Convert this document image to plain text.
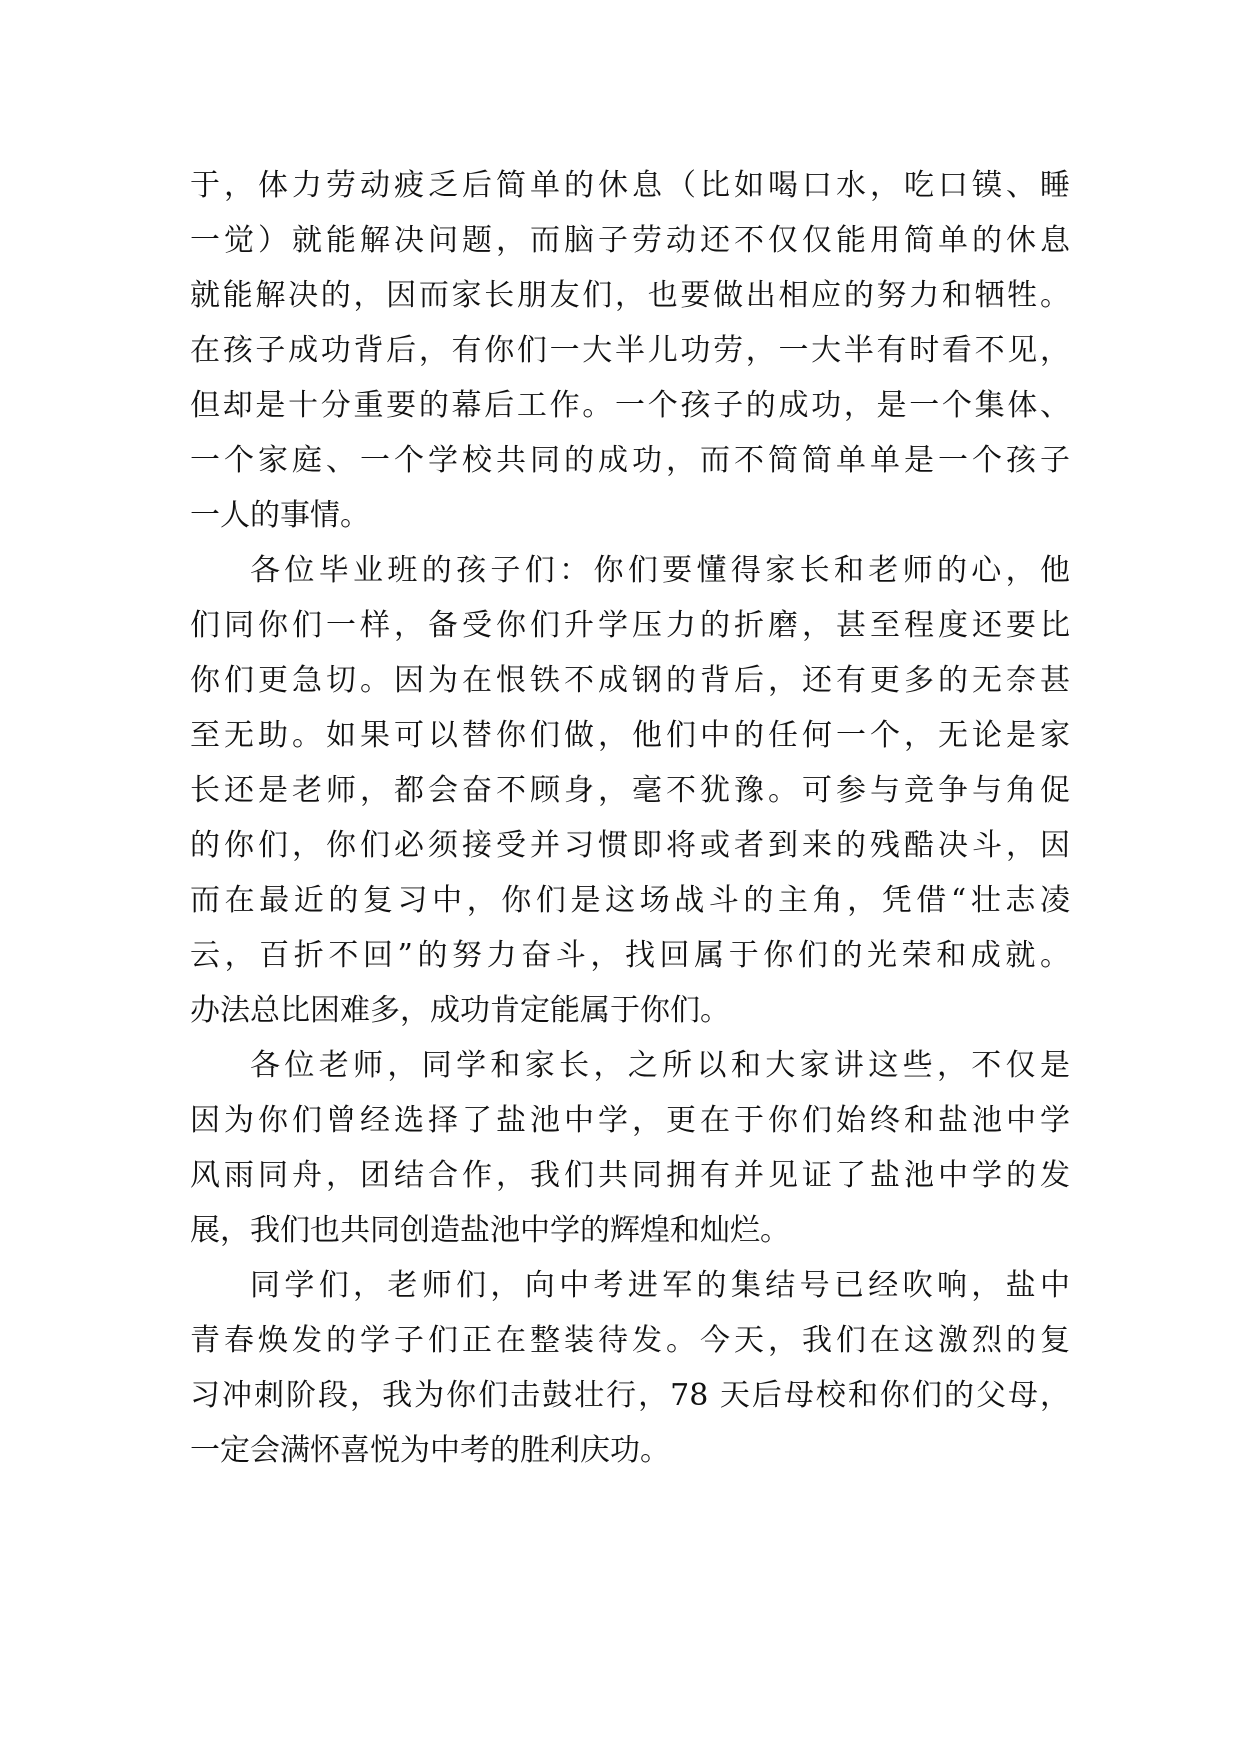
于，体力劳动疲乏后简单的休息（比如喝口水，吃口镆、睡
一觉）就能解决问题，而脑子劳动还不仅仅能用简单的休息
就能解决的，因而家长朋友们，也要做出相应的努力和牺牲。
在孩子成功背后，有你们一大半儿功劳，一大半有时看不见，
但却是十分重要的幕后工作。一个孩子的成功，是一个集体、
一个家庭、一个学校共同的成功，而不简简单单是一个孩子
一人的事情。
各位毕业班的孩子们：你们要懂得家长和老师的心，他
们同你们一样，备受你们升学压力的折磨，甚至程度还要比
你们更急切。因为在恨铁不成钢的背后，还有更多的无奈甚
至无助。如果可以替你们做，他们中的任何一个，无论是家
长还是老师，都会奋不顾身，毫不犹豫。可参与竞争与角促
的你们，你们必须接受并习惯即将或者到来的残酷决斗，因
而在最近的复习中，你们是这场战斗的主角，凭借“壮志凌
云，百折不回”的努力奋斗，找回属于你们的光荣和成就。
办法总比困难多，成功肯定能属于你们。
各位老师，同学和家长，之所以和大家讲这些，不仅是
因为你们曾经选择了盐池中学，更在于你们始终和盐池中学
风雨同舟，团结合作，我们共同拥有并见证了盐池中学的发
展，我们也共同创造盐池中学的辉煌和灿烂。
同学们，老师们，向中考进军的集结号已经吹响，盐中
青春焕发的学子们正在整装待发。今天，我们在这激烈的复
习冲刺阶段，我为你们击鼓壮行，78 天后母校和你们的父母，
一定会满怀喜悦为中考的胜利庆功。
